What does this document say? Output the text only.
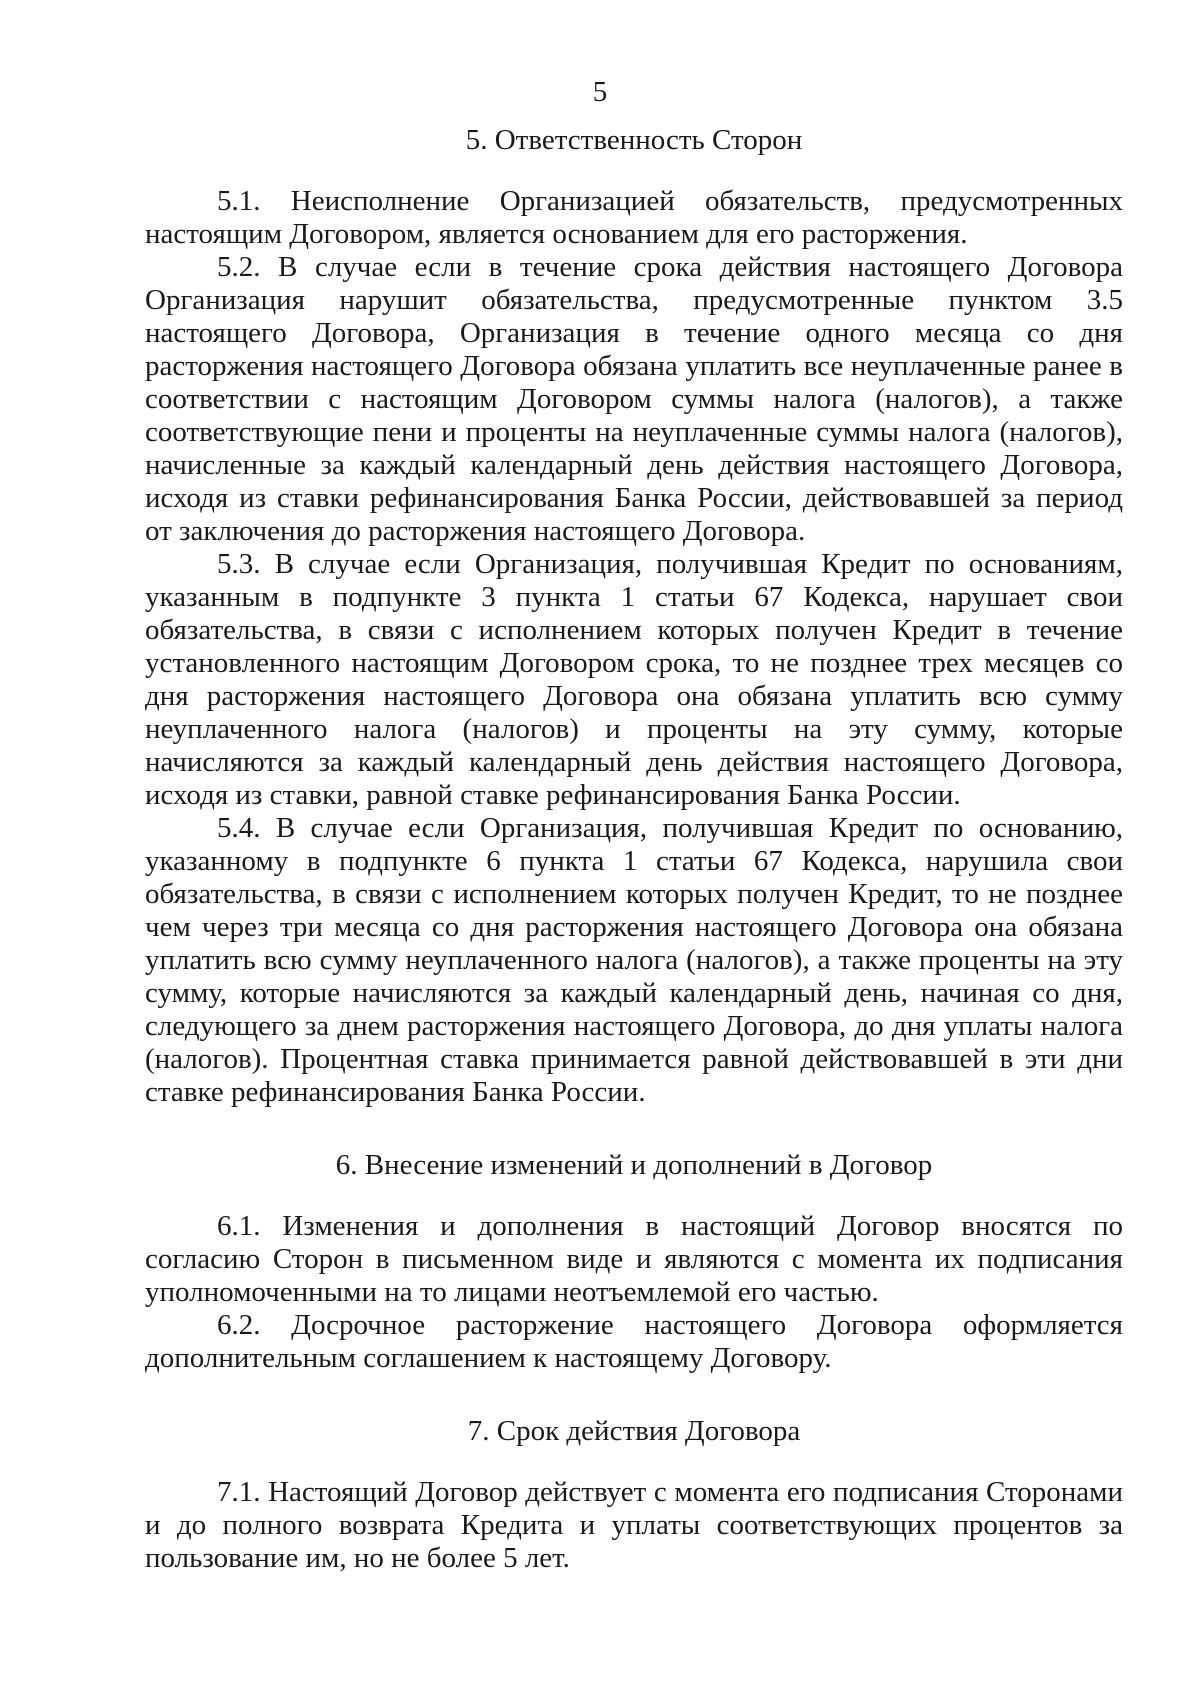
5

5. Ответственность Сторон

5.1. Неисполнение Организацией обязательств, предусмотренных настоящим Договором, является основанием для его расторжения.

5.2. В случае если в течение срока действия настоящего Договора Организация нарушит обязательства, предусмотренные пунктом 3.5 настоящего Договора, Организация в течение одного месяца со дня расторжения настоящего Договора обязана уплатить все неуплаченные ранее в соответствии с настоящим Договором суммы налога (налогов), а также соответствующие пени и проценты на неуплаченные суммы налога (налогов), начисленные за каждый календарный день действия настоящего Договора, исходя из ставки рефинансирования Банка России, действовавшей за период от заключения до расторжения настоящего Договора.

5.3. В случае если Организация, получившая Кредит по основаниям, указанным в подпункте 3 пункта 1 статьи 67 Кодекса, нарушает свои обязательства, в связи с исполнением которых получен Кредит в течение установленного настоящим Договором срока, то не позднее трех месяцев со дня расторжения настоящего Договора она обязана уплатить всю сумму неуплаченного налога (налогов) и проценты на эту сумму, которые начисляются за каждый календарный день действия настоящего Договора, исходя из ставки, равной ставке рефинансирования Банка России.

5.4. В случае если Организация, получившая Кредит по основанию, указанному в подпункте 6 пункта 1 статьи 67 Кодекса, нарушила свои обязательства, в связи с исполнением которых получен Кредит, то не позднее чем через три месяца со дня расторжения настоящего Договора она обязана уплатить всю сумму неуплаченного налога (налогов), а также проценты на эту сумму, которые начисляются за каждый календарный день, начиная со дня, следующего за днем расторжения настоящего Договора, до дня уплаты налога (налогов). Процентная ставка принимается равной действовавшей в эти дни ставке рефинансирования Банка России.

6. Внесение изменений и дополнений в Договор

6.1. Изменения и дополнения в настоящий Договор вносятся по согласию Сторон в письменном виде и являются с момента их подписания уполномоченными на то лицами неотъемлемой его частью.

6.2. Досрочное расторжение настоящего Договора оформляется дополнительным соглашением к настоящему Договору.

7. Срок действия Договора

7.1. Настоящий Договор действует с момента его подписания Сторонами и до полного возврата Кредита и уплаты соответствующих процентов за пользование им, но не более 5 лет.
